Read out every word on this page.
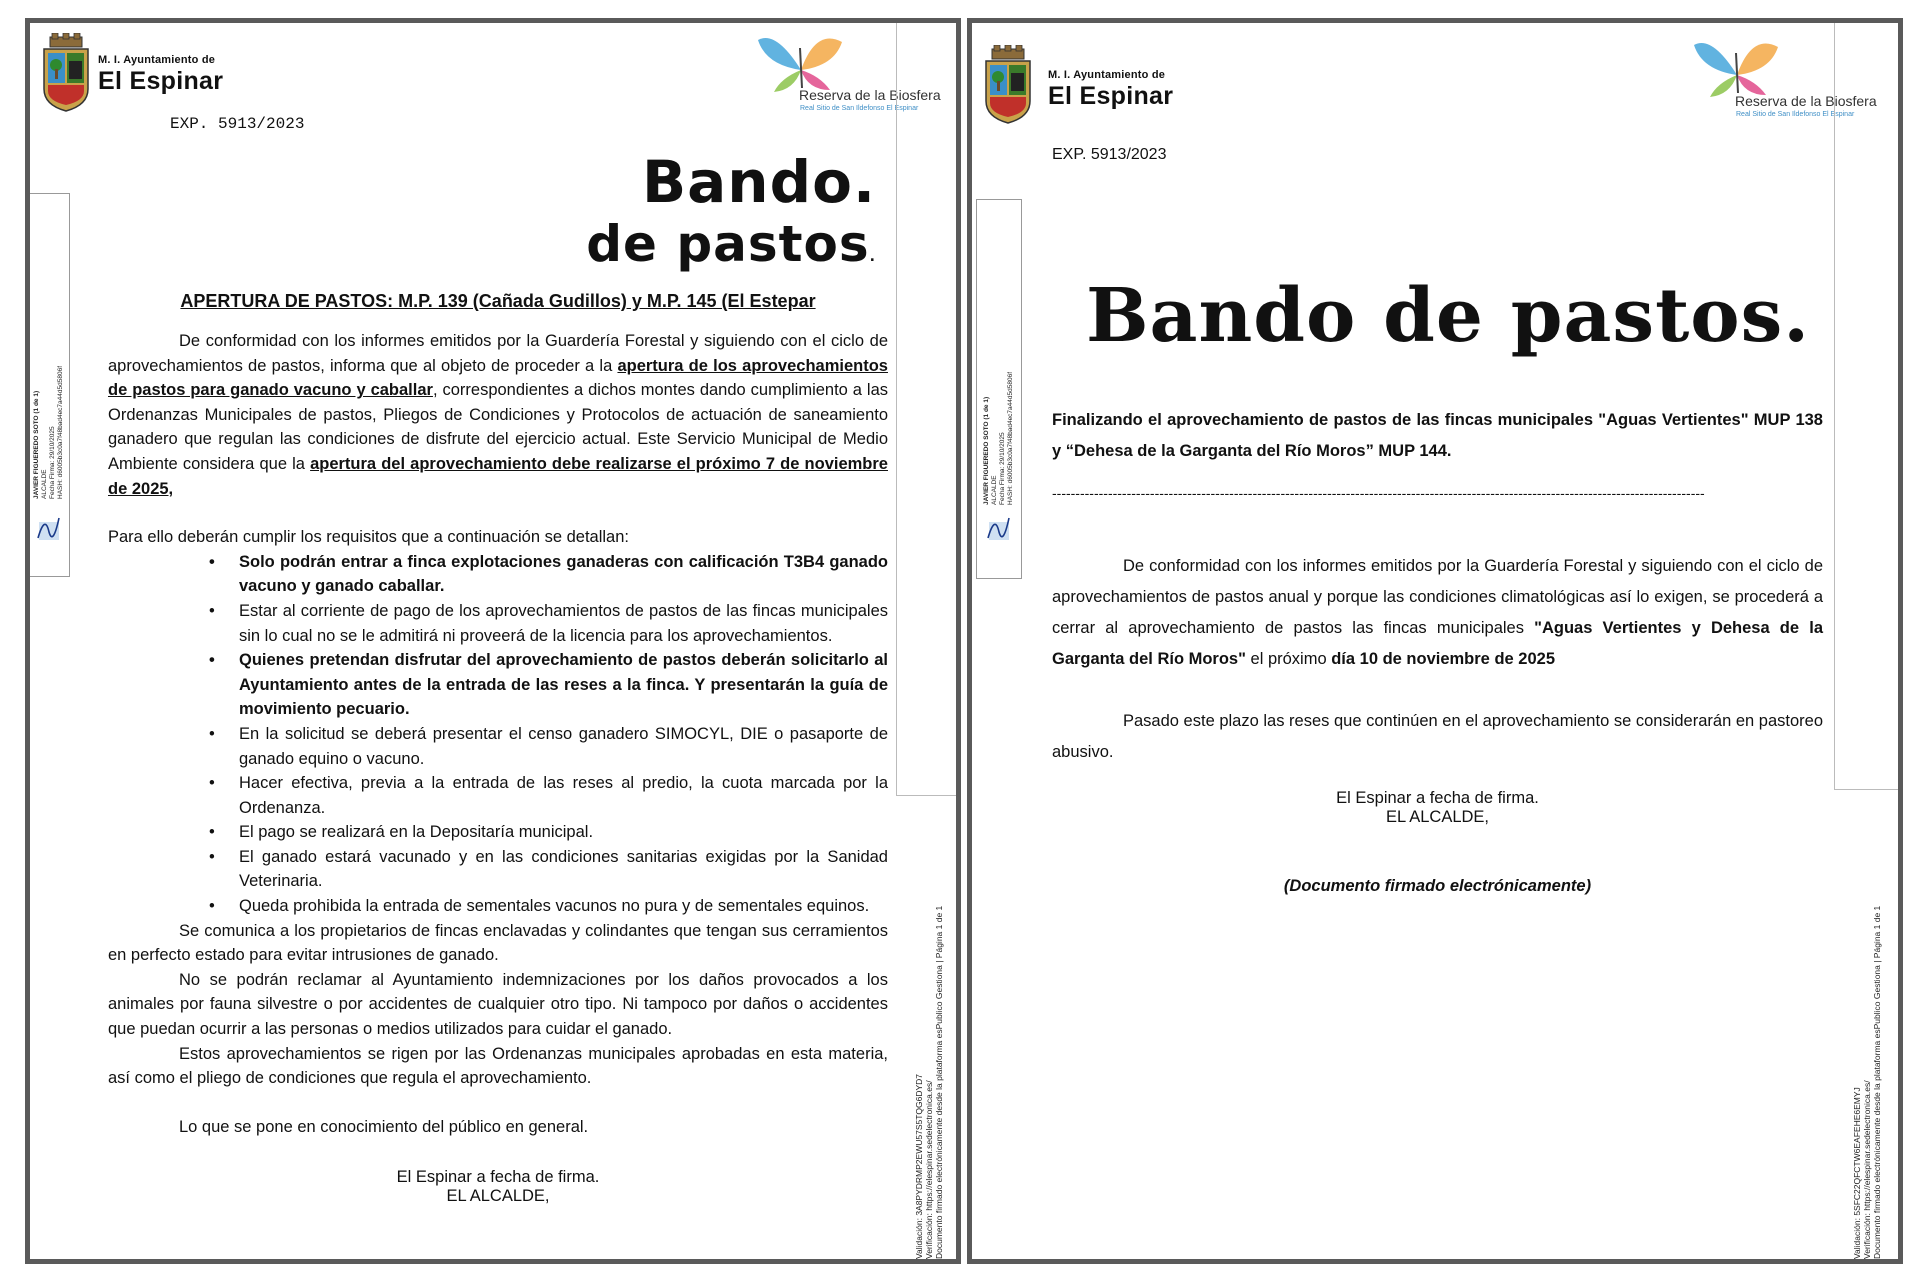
M. I. Ayuntamiento de
El Espinar	Reserva de la Biosfera
Real Sitio de San Ildefonso El Espinar
EXP. 5913/2023
JAVIER FIGUEREDO SOTO (1 de 1) ALCALDE Fecha Firma: 29/10/2025 HASH: d6005b3c0a7f48bad4ec7a44d5d5806f
Validación: 3A8PYDRMP2EWU57S5TQG6DYD7 Verificación: https://elespinar.sedelectronica.es/ Documento firmado electrónicamente desde la plataforma esPublico Gestiona | Página 1 de 1
Bando.
de pastos.
APERTURA DE PASTOS: M.P. 139 (Cañada Gudillos) y M.P. 145 (El Estepar

De conformidad con los informes emitidos por la Guardería Forestal y siguiendo con el ciclo de aprovechamientos de pastos, informa que al objeto de proceder a la apertura de los aprovechamientos de pastos para ganado vacuno y caballar, correspondientes a dichos montes dando cumplimiento a las Ordenanzas Municipales de pastos, Pliegos de Condiciones y Protocolos de actuación de saneamiento ganadero que regulan las condiciones de disfrute del ejercicio actual. Este Servicio Municipal de Medio Ambiente considera que la apertura del aprovechamiento debe realizarse el próximo 7 de noviembre de 2025,

Para ello deberán cumplir los requisitos que a continuación se detallan:

• Solo podrán entrar a finca explotaciones ganaderas con calificación T3B4 ganado vacuno y ganado caballar.
• Estar al corriente de pago de los aprovechamientos de pastos de las fincas municipales sin lo cual no se le admitirá ni proveerá de la licencia para los aprovechamientos.
• Quienes pretendan disfrutar del aprovechamiento de pastos deberán solicitarlo al Ayuntamiento antes de la entrada de las reses a la finca. Y presentarán la guía de movimiento pecuario.
• En la solicitud se deberá presentar el censo ganadero SIMOCYL, DIE o pasaporte de ganado equino o vacuno.
• Hacer efectiva, previa a la entrada de las reses al predio, la cuota marcada por la Ordenanza.
• El pago se realizará en la Depositaría municipal.
• El ganado estará vacunado y en las condiciones sanitarias exigidas por la Sanidad Veterinaria.
• Queda prohibida la entrada de sementales vacunos no pura y de sementales equinos.

Se comunica a los propietarios de fincas enclavadas y colindantes que tengan sus cerramientos en perfecto estado para evitar intrusiones de ganado.

No se podrán reclamar al Ayuntamiento indemnizaciones por los daños provocados a los animales por fauna silvestre o por accidentes de cualquier otro tipo. Ni tampoco por daños o accidentes que puedan ocurrir a las personas o medios utilizados para cuidar el ganado.

Estos aprovechamientos se rigen por las Ordenanzas municipales aprobadas en esta materia, así como el pliego de condiciones que regula el aprovechamiento.

Lo que se pone en conocimiento del público en general.

El Espinar a fecha de firma.

EL ALCALDE,

M. I. Ayuntamiento de
El Espinar	Reserva de la Biosfera
Real Sitio de San Ildefonso El Espinar
EXP. 5913/2023
JAVIER FIGUEREDO SOTO (1 de 1) ALCALDE Fecha Firma: 29/10/2025 HASH: d6005b3c0a7f48bad4ec7a44d5d5806f
Validación: 5SFC22QFCTW6EAFEHE6EMYJ Verificación: https://elespinar.sedelectronica.es/ Documento firmado electrónicamente desde la plataforma esPublico Gestiona | Página 1 de 1
Bando de pastos.
Finalizando el aprovechamiento de pastos de las fincas municipales "Aguas Vertientes" MUP 138 y “Dehesa de la Garganta del Río Moros” MUP 144.
--------------------------------------------------------------------------------------------------------------------------------------------

De conformidad con los informes emitidos por la Guardería Forestal y siguiendo con el ciclo de aprovechamientos de pastos anual y porque las condiciones climatológicas así lo exigen, se procederá a cerrar al aprovechamiento de pastos las fincas municipales "Aguas Vertientes y Dehesa de la Garganta del Río Moros" el próximo día 10 de noviembre de 2025

Pasado este plazo las reses que continúen en el aprovechamiento se considerarán en pastoreo abusivo.

El Espinar a fecha de firma.
EL ALCALDE,
(Documento firmado electrónicamente)
